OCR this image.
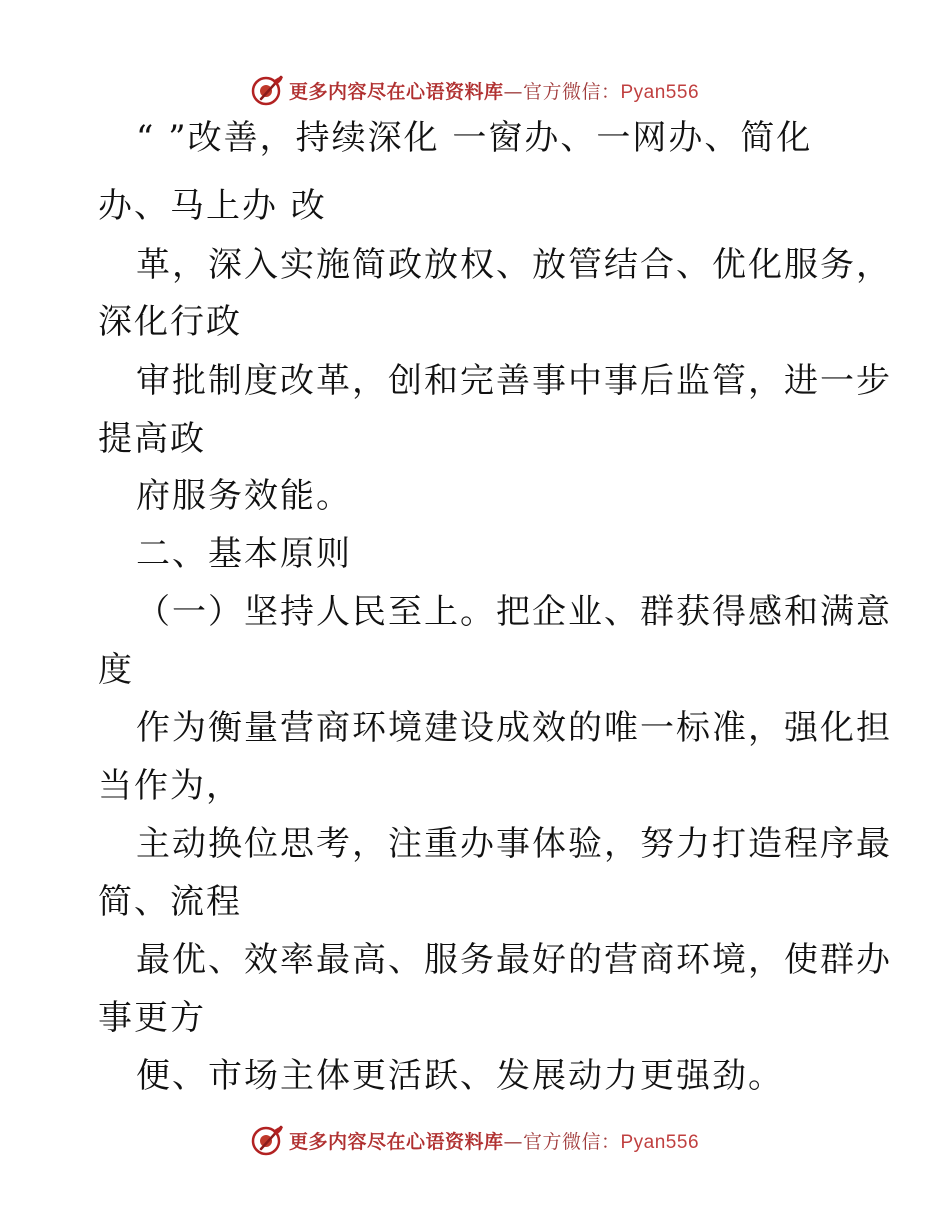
更多内容尽在心语资料库—官方微信：Pyan556
“ ”改善，持续深化 一窗办、一网办、简化
办、马上办 改
革，深入实施简政放权、放管结合、优化服务，
深化行政
审批制度改革，创和完善事中事后监管，进一步
提高政
府服务效能。
二、基本原则
（一）坚持人民至上。把企业、群获得感和满意
度
作为衡量营商环境建设成效的唯一标准，强化担
当作为，
主动换位思考，注重办事体验，努力打造程序最
简、流程
最优、效率最高、服务最好的营商环境，使群办
事更方
便、市场主体更活跃、发展动力更强劲。
更多内容尽在心语资料库—官方微信：Pyan556
